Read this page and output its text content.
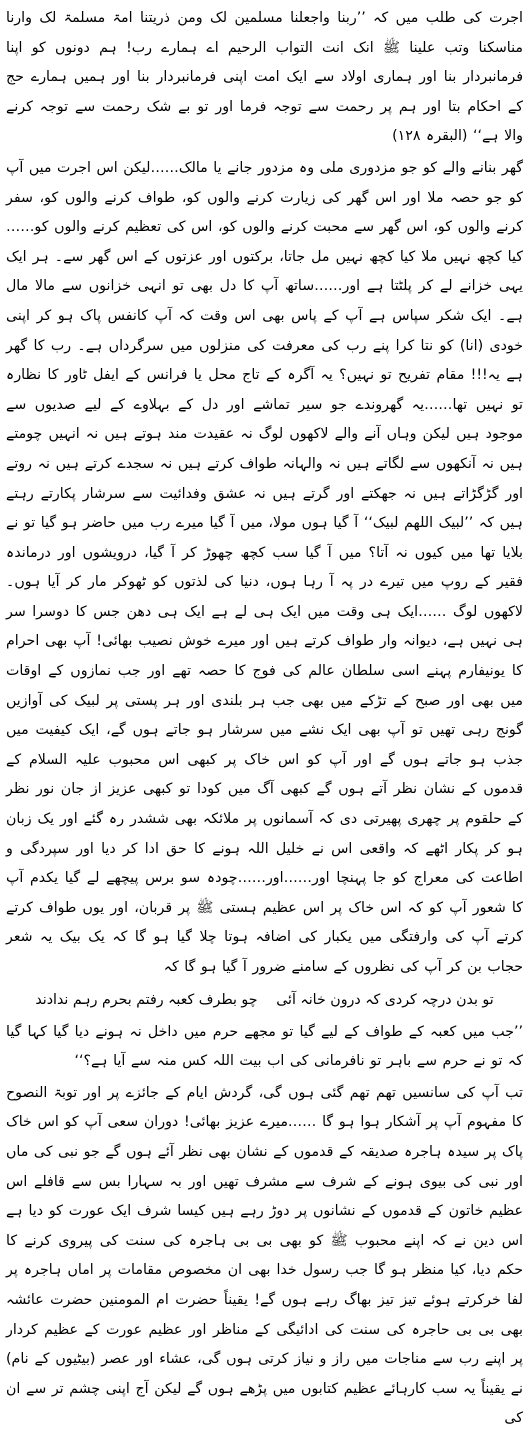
اجرت کی طلب میں کہ ’’ربنا واجعلنا مسلمین لک ومن ذریتنا امۃ مسلمۃ لک وارنا مناسکنا وتب علینا ﷺ انک انت التواب الرحیم اے ہمارے رب! ہم دونوں کو اپنا فرمانبردار بنا اور ہماری اولاد سے ایک امت اپنی فرمانبردار بنا اور ہمیں ہمارے حج کے احکام بتا اور ہم پر رحمت سے توجہ فرما اور تو بے شک رحمت سے توجہ کرنے والا ہے‘‘ (البقرہ ۱۲۸)

گھر بنانے والے کو جو مزدوری ملی وہ مزدور جانے یا مالک……لیکن اس اجرت میں آپ کو جو حصہ ملا اور اس گھر کی زیارت کرنے والوں کو، طواف کرنے والوں کو، سفر کرنے والوں کو، اس گھر سے محبت کرنے والوں کو، اس کی تعظیم کرنے والوں کو……کیا کچھ نہیں ملا کیا کچھ نہیں مل جاتا، برکتوں اور عزتوں کے اس گھر سے۔ ہر ایک یہی خزانے لے کر پلٹتا ہے اور……ساتھ آپ کا دل بھی تو انہی خزانوں سے مالا مال ہے۔ ایک شکر سپاس ہے آپ کے پاس بھی اس وقت کہ آپ کانفس پاک ہو کر اپنی خودی (انا) کو نتا کرا پنے رب کی معرفت کی منزلوں میں سرگرداں ہے۔ رب کا گھر ہے یہ!!! مقام تفریح تو نہیں؟ یہ آگرہ کے تاج محل یا فرانس کے ایفل ٹاور کا نظارہ تو نہیں تھا……یہ گھروندے جو سیر تماشے اور دل کے بہلاوے کے لیے صدیوں سے موجود ہیں لیکن وہاں آنے والے لاکھوں لوگ نہ عقیدت مند ہوتے ہیں نہ انہیں چومتے ہیں نہ آنکھوں سے لگاتے ہیں نہ والہانہ طواف کرتے ہیں نہ سجدے کرتے ہیں نہ روتے اور گڑگڑاتے ہیں نہ جھکتے اور گرتے ہیں نہ عشق وفدائیت سے سرشار پکارتے رہتے ہیں کہ ’’لبیک اللھم لبیک‘‘ آ گیا ہوں مولا، میں آ گیا میرے رب میں حاضر ہو گیا تو نے بلایا تھا میں کیوں نہ آتا؟ میں آ گیا سب کچھ چھوڑ کر آ گیا، درویشوں اور درماندہ فقیر کے روپ میں تیرے در پہ آ رہا ہوں، دنیا کی لذتوں کو ٹھوکر مار کر آیا ہوں۔ لاکھوں لوگ ……ایک ہی وقت میں ایک ہی لے ہے ایک ہی دھن جس کا دوسرا سر ہی نہیں ہے، دیوانہ وار طواف کرتے ہیں اور میرے خوش نصیب بھائی! آپ بھی احرام کا یونیفارم پہنے اسی سلطان عالم کی فوج کا حصہ تھے اور جب نمازوں کے اوقات میں بھی اور صبح کے تڑکے میں بھی جب ہر بلندی اور ہر پستی پر لبیک کی آوازیں گونج رہی تھیں تو آپ بھی ایک نشے میں سرشار ہو جاتے ہوں گے، ایک کیفیت میں جذب ہو جاتے ہوں گے اور آپ کو اس خاک پر کبھی اس محبوب علیہ السلام کے قدموں کے نشان نظر آتے ہوں گے کبھی آگ میں کودا تو کبھی عزیز از جان نور نظر کے حلقوم پر چھری پھیرتی دی کہ آسمانوں پر ملائکہ بھی ششدر رہ گئے اور یک زبان ہو کر پکار اٹھے کہ واقعی اس نے خلیل اللہ ہونے کا حق ادا کر دیا اور سپردگی و اطاعت کی معراج کو جا پہنچا اور……اور……چودہ سو برس پیچھے لے گیا یکدم آپ کا شعور آپ کو کہ اس خاک پر اس عظیم ہستی ﷺ پر قربان، اور یوں طواف کرتے کرتے آپ کی وارفتگی میں یکبار کی اضافہ ہوتا چلا گیا ہو گا کہ یک بیک یہ شعر حجاب بن کر آپ کی نظروں کے سامنے ضرور آ گیا ہو گا کہ

تو بدن درچہ کردی کہ درون خانہ آئی
چو بطرف کعبہ رفتم بحرم رہم ندادند

’’جب میں کعبہ کے طواف کے لیے گیا تو مجھے حرم میں داخل نہ ہونے دیا گیا کہا گیا کہ تو نے حرم سے باہر تو نافرمانی کی اب بیت اللہ کس منہ سے آیا ہے؟‘‘

تب آپ کی سانسیں تھم تھم گئی ہوں گی، گردش ایام کے جائزے پر اور توبۃ النصوح کا مفہوم آپ پر آشکار ہوا ہو گا ……میرے عزیز بھائی! دوران سعی آپ کو اس خاک پاک پر سیدہ ہاجرہ صدیقہ کے قدموں کے نشان بھی نظر آئے ہوں گے جو نبی کی ماں اور نبی کی بیوی ہونے کے شرف سے مشرف تھیں اور بہ سہارا بس سے قافلے اس عظیم خاتون کے قدموں کے نشانوں پر دوڑ رہے ہیں کیسا شرف ایک عورت کو دیا ہے اس دین نے کہ اپنے محبوب ﷺ کو بھی بی بی ہاجرہ کی سنت کی پیروی کرنے کا حکم دیا، کیا منظر ہو گا جب رسول خدا بھی ان مخصوص مقامات پر اماں ہاجرہ پر لفا خرکرتے ہوئے تیز تیز بھاگ رہے ہوں گے! یقیناً حضرت ام المومنین حضرت عائشہ بھی بی بی حاجرہ کی سنت کی ادائیگی کے مناظر اور عظیم عورت کے عظیم کردار پر اپنے رب سے مناجات میں راز و نیاز کرتی ہوں گی، عشاء اور عصر (بیٹیوں کے نام) نے یقیناً یہ سب کارہائے عظیم کتابوں میں پڑھے ہوں گے لیکن آج اپنی چشم تر سے ان کی
